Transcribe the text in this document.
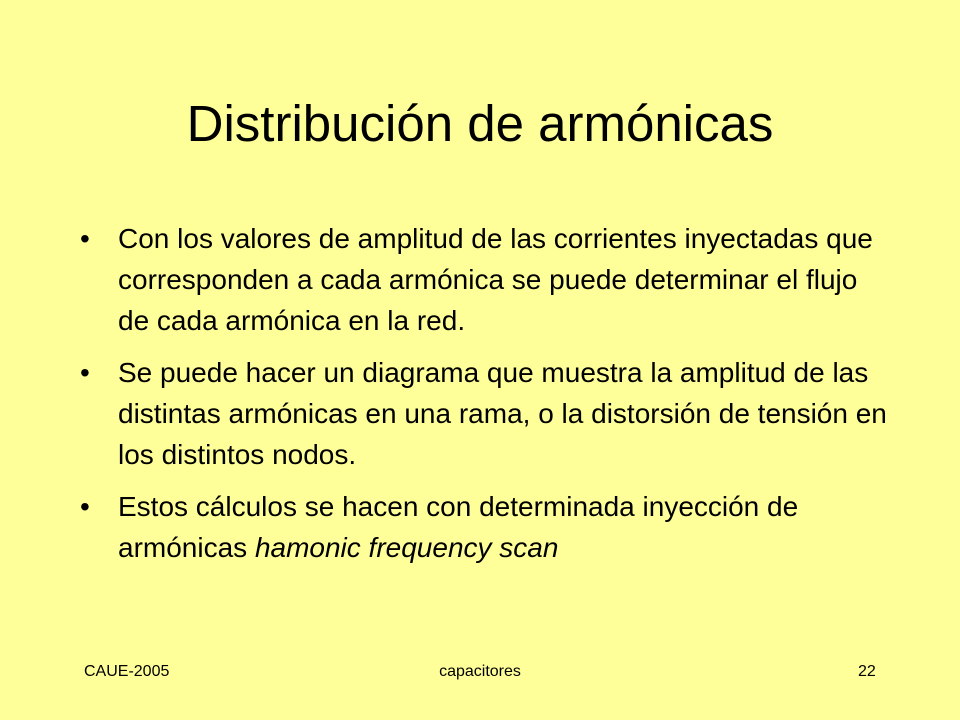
Distribución de armónicas
• Con los valores de amplitud de las corrientes inyectadas que corresponden a cada armónica se puede determinar el flujo de cada armónica en la red.
• Se puede hacer un diagrama que muestra la amplitud de las distintas armónicas en una rama, o la distorsión de tensión en los distintos nodos.
• Estos cálculos se hacen con determinada inyección de armónicas hamonic frequency scan
CAUE-2005	capacitores	22
